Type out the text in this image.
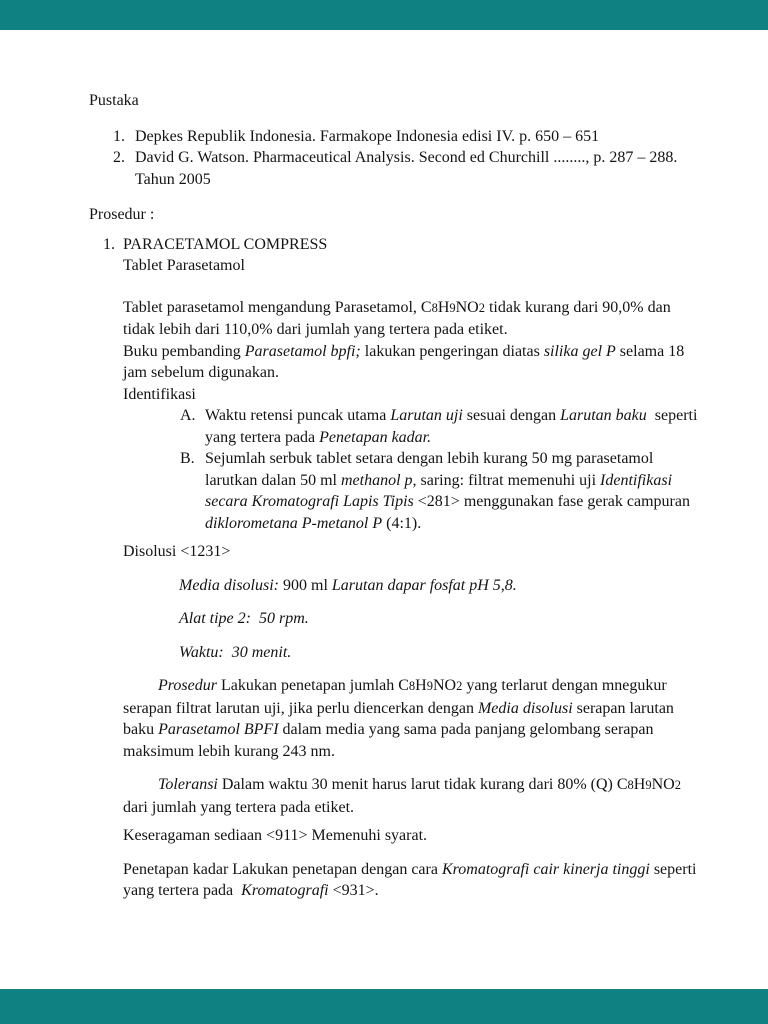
Pustaka
1. Depkes Republik Indonesia. Farmakope Indonesia edisi IV. p. 650 – 651
2. David G. Watson. Pharmaceutical Analysis. Second ed Churchill ........, p. 287 – 288.
Tahun 2005
Prosedur :
1. PARACETAMOL COMPRESS
Tablet Parasetamol
Tablet parasetamol mengandung Parasetamol, C8H9NO2 tidak kurang dari 90,0% dan
tidak lebih dari 110,0% dari jumlah yang tertera pada etiket.
Buku pembanding Parasetamol bpfi; lakukan pengeringan diatas silika gel P selama 18
jam sebelum digunakan.
Identifikasi
A. Waktu retensi puncak utama Larutan uji sesuai dengan Larutan baku  seperti
yang tertera pada Penetapan kadar.
B. Sejumlah serbuk tablet setara dengan lebih kurang 50 mg parasetamol
larutkan dalan 50 ml methanol p, saring: filtrat memenuhi uji Identifikasi
secara Kromatografi Lapis Tipis <281> menggunakan fase gerak campuran
diklorometana P-metanol P (4:1).
Disolusi <1231>
Media disolusi: 900 ml Larutan dapar fosfat pH 5,8.
Alat tipe 2:  50 rpm.
Waktu:  30 menit.
Prosedur Lakukan penetapan jumlah C8H9NO2 yang terlarut dengan mnegukur
serapan filtrat larutan uji, jika perlu diencerkan dengan Media disolusi serapan larutan
baku Parasetamol BPFI dalam media yang sama pada panjang gelombang serapan
maksimum lebih kurang 243 nm.
Toleransi Dalam waktu 30 menit harus larut tidak kurang dari 80% (Q) C8H9NO2
dari jumlah yang tertera pada etiket.
Keseragaman sediaan <911> Memenuhi syarat.
Penetapan kadar Lakukan penetapan dengan cara Kromatografi cair kinerja tinggi seperti
yang tertera pada  Kromatografi <931>.
